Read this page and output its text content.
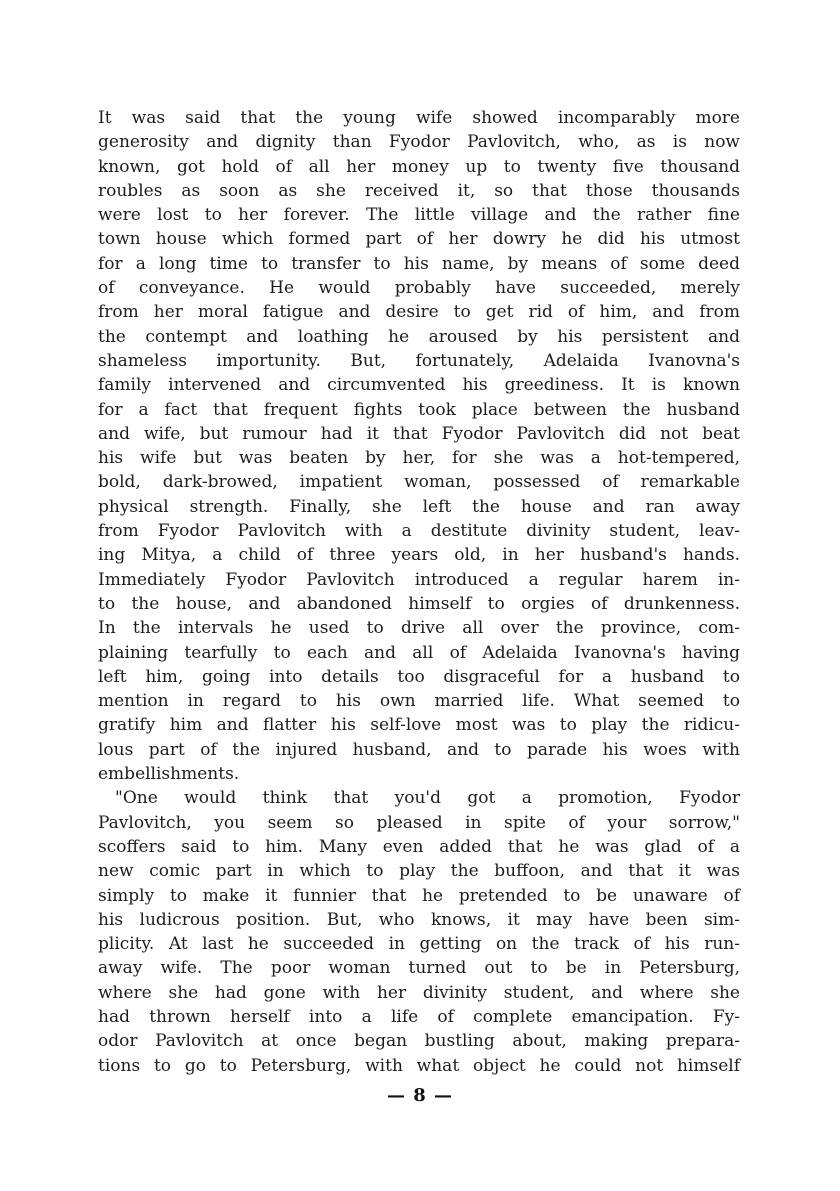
It was said that the young wife showed incomparably more
generosity and dignity than Fyodor Pavlovitch, who, as is now
known, got hold of all her money up to twenty five thousand
roubles as soon as she received it, so that those thousands
were lost to her forever. The little village and the rather fine
town house which formed part of her dowry he did his utmost
for a long time to transfer to his name, by means of some deed
of conveyance. He would probably have succeeded, merely
from her moral fatigue and desire to get rid of him, and from
the contempt and loathing he aroused by his persistent and
shameless importunity. But, fortunately, Adelaida Ivanovna's
family intervened and circumvented his greediness. It is known
for a fact that frequent fights took place between the husband
and wife, but rumour had it that Fyodor Pavlovitch did not beat
his wife but was beaten by her, for she was a hot-tempered,
bold, dark-browed, impatient woman, possessed of remarkable
physical strength. Finally, she left the house and ran away
from Fyodor Pavlovitch with a destitute divinity student, leav-
ing Mitya, a child of three years old, in her husband's hands.
Immediately Fyodor Pavlovitch introduced a regular harem in-
to the house, and abandoned himself to orgies of drunkenness.
In the intervals he used to drive all over the province, com-
plaining tearfully to each and all of Adelaida Ivanovna's having
left him, going into details too disgraceful for a husband to
mention in regard to his own married life. What seemed to
gratify him and flatter his self-love most was to play the ridicu-
lous part of the injured husband, and to parade his woes with
embellishments.
"One would think that you'd got a promotion, Fyodor
Pavlovitch, you seem so pleased in spite of your sorrow,"
scoffers said to him. Many even added that he was glad of a
new comic part in which to play the buffoon, and that it was
simply to make it funnier that he pretended to be unaware of
his ludicrous position. But, who knows, it may have been sim-
plicity. At last he succeeded in getting on the track of his run-
away wife. The poor woman turned out to be in Petersburg,
where she had gone with her divinity student, and where she
had thrown herself into a life of complete emancipation. Fy-
odor Pavlovitch at once began bustling about, making prepara-
tions to go to Petersburg, with what object he could not himself
— 8 —
